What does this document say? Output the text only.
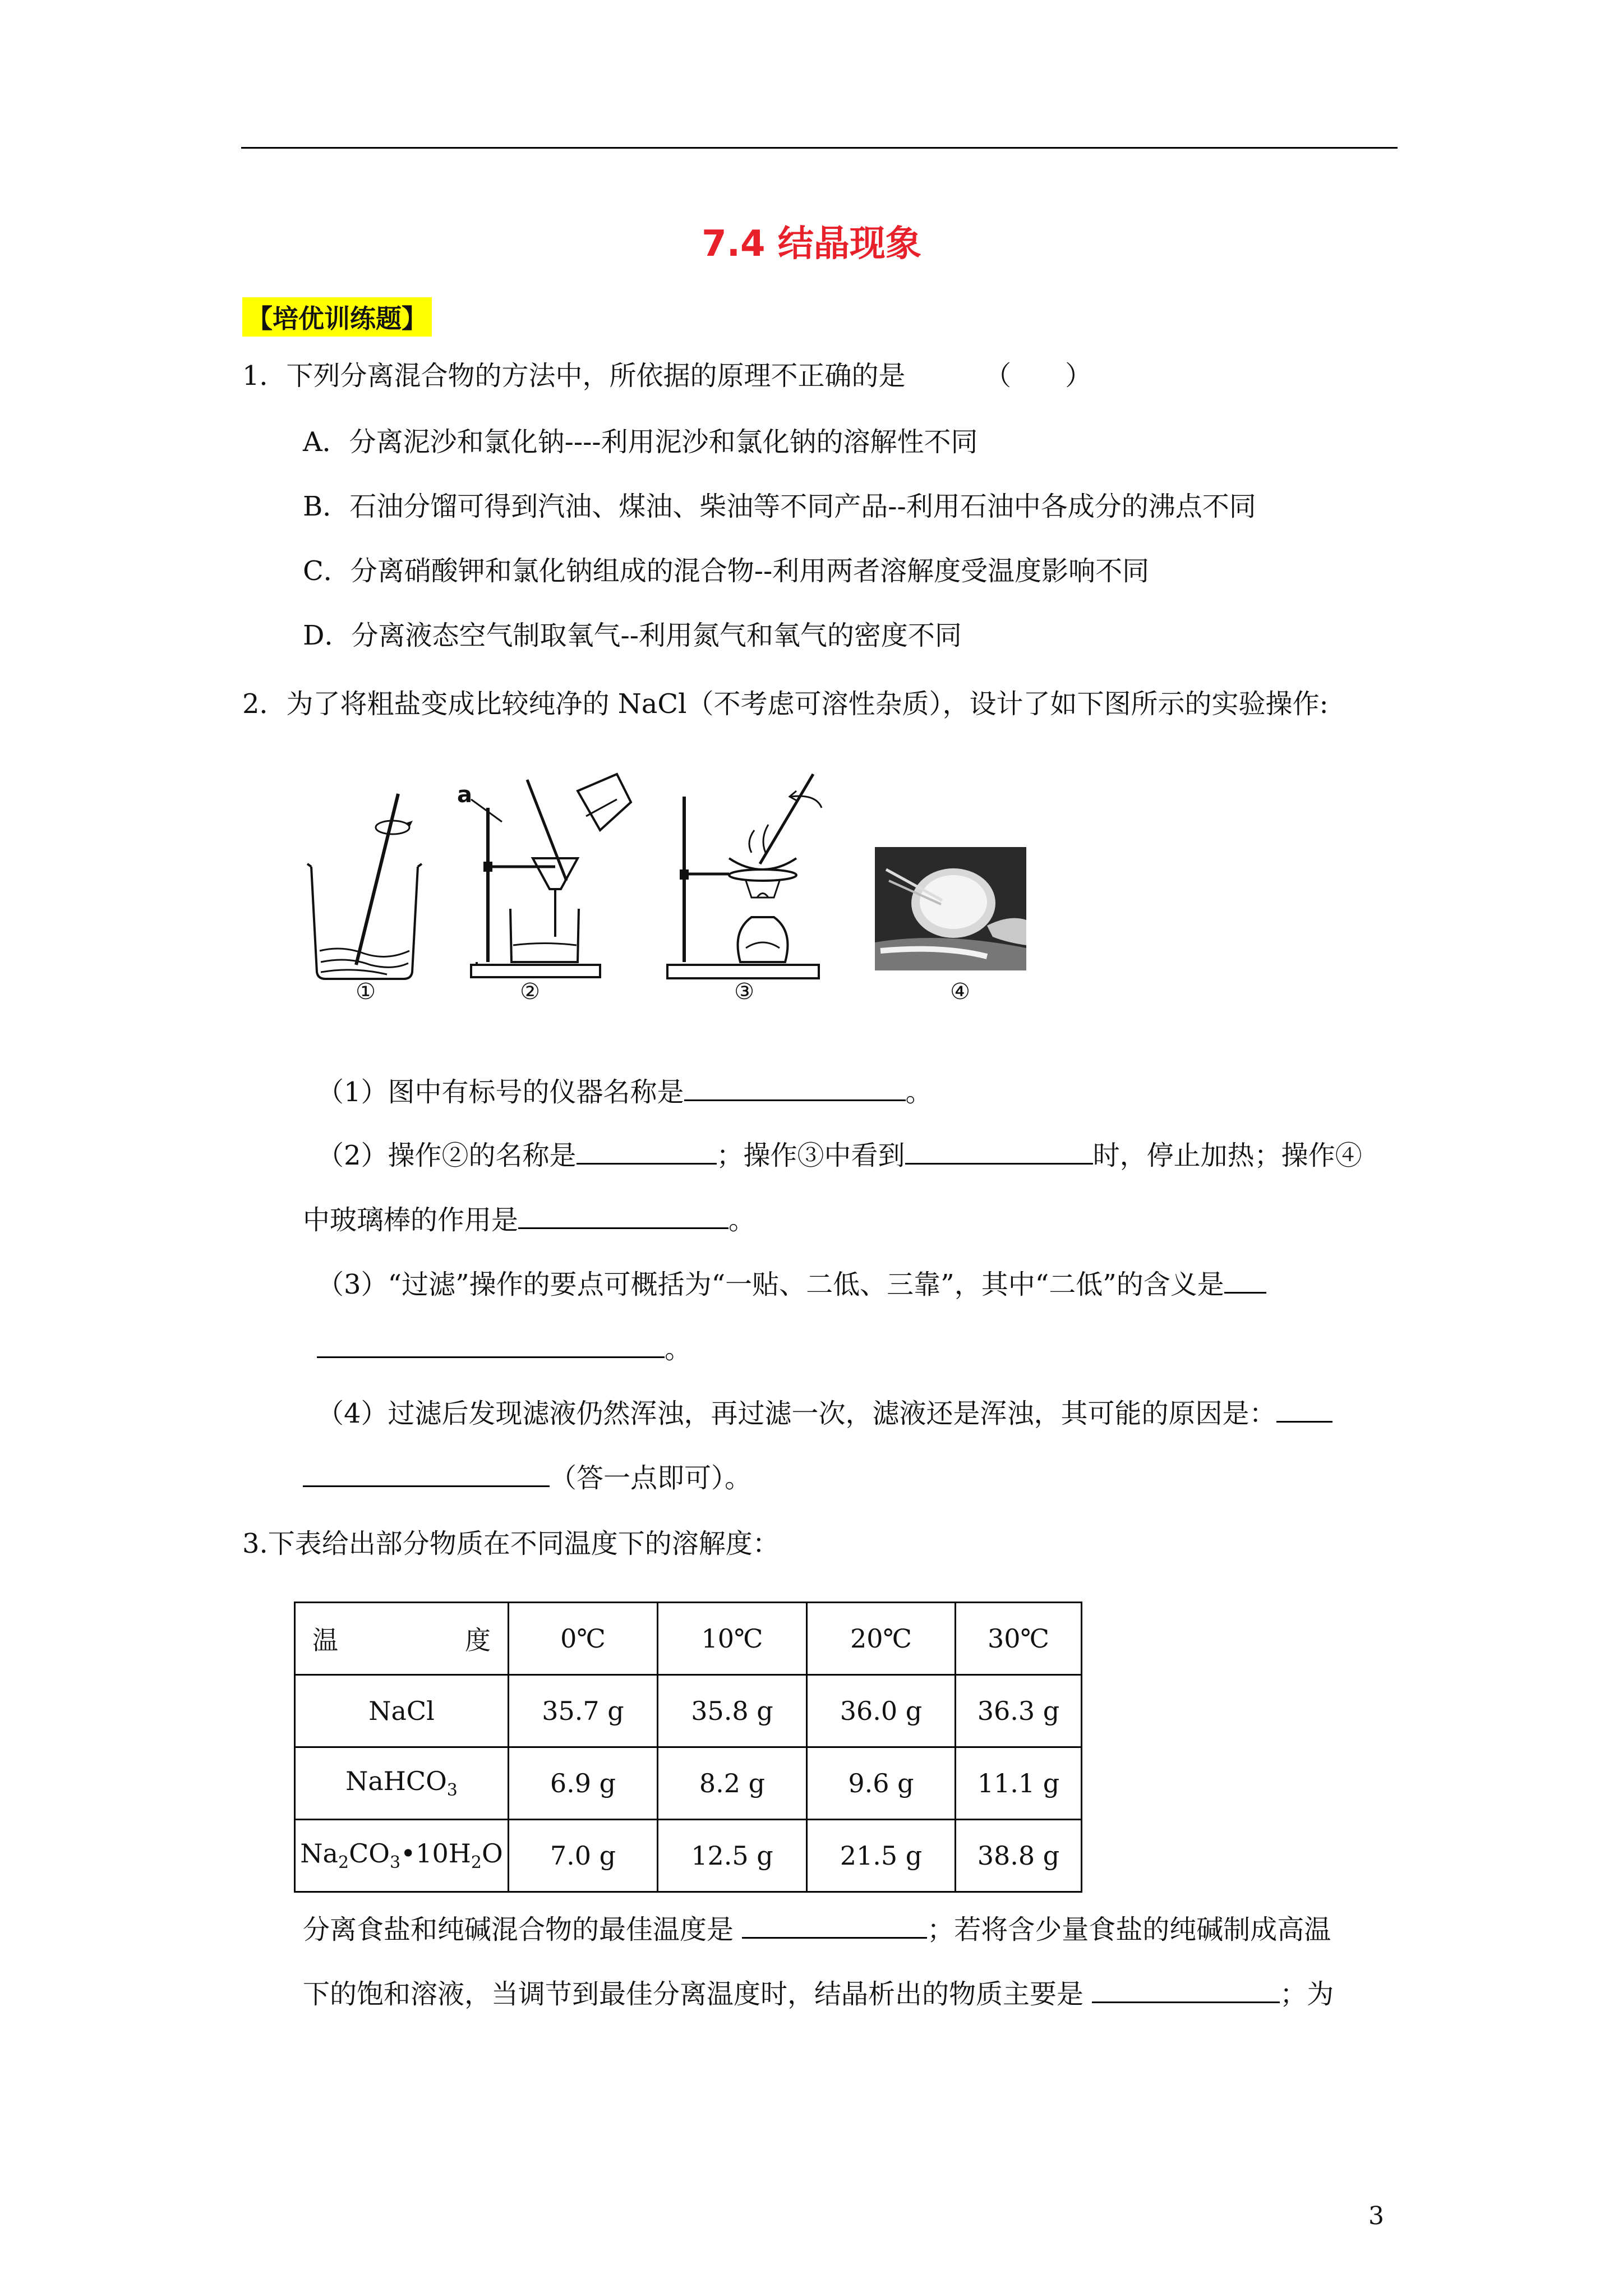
7.4 结晶现象
【培优训练题】
1．下列分离混合物的方法中，所依据的原理不正确的是	（　　）
A．分离泥沙和氯化钠----利用泥沙和氯化钠的溶解性不同
B．石油分馏可得到汽油、煤油、柴油等不同产品--利用石油中各成分的沸点不同
C．分离硝酸钾和氯化钠组成的混合物--利用两者溶解度受温度影响不同
D．分离液态空气制取氧气--利用氮气和氧气的密度不同
2．为了将粗盐变成比较纯净的 NaCl（不考虑可溶性杂质），设计了如下图所示的实验操作:
①
a
②	③	④
（1）图中有标号的仪器名称是	。
（2）操作②的名称是	；操作③中看到	时，停止加热；操作④
中玻璃棒的作用是	。
（3）“过滤”操作的要点可概括为“一贴、二低、三靠”，其中“二低”的含义是
。
（4）过滤后发现滤液仍然浑浊，再过滤一次，滤液还是浑浊，其可能的原因是：
（答一点即可）。
3.下表给出部分物质在不同温度下的溶解度：
温 度	0℃	10℃	20℃	30℃
NaCl	35.7 g	35.8 g	36.0 g	36.3 g
NaHCO$_3$	6.9 g	8.2 g	9.6 g	11.1 g
$Na_2CO_3•10H_2O$	7.0 g	12.5 g	21.5 g	38.8 g
分离食盐和纯碱混合物的最佳温度是	；若将含少量食盐的纯碱制成高温
下的饱和溶液，当调节到最佳分离温度时，结晶析出的物质主要是	；为
3
